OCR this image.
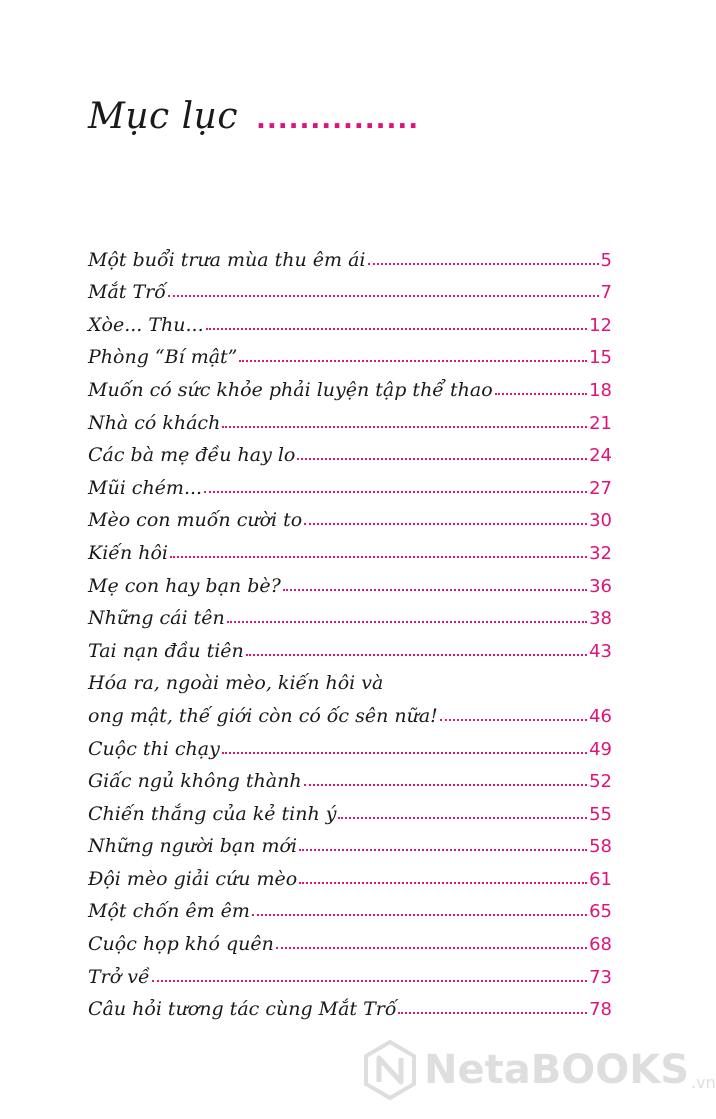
Mục lục ...............
Một buổi trưa mùa thu êm ái	5
Mắt Trố	7
Xòe... Thu...	12
Phòng “Bí mật”	15
Muốn có sức khỏe phải luyện tập thể thao	18
Nhà có khách	21
Các bà mẹ đều hay lo	24
Mũi chém...	27
Mèo con muốn cười to	30
Kiến hôi	32
Mẹ con hay bạn bè?	36
Những cái tên	38
Tai nạn đầu tiên	43
Hóa ra, ngoài mèo, kiến hôi và
ong mật, thế giới còn có ốc sên nữa!	46
Cuộc thi chạy	49
Giấc ngủ không thành	52
Chiến thắng của kẻ tinh ý	55
Những người bạn mới	58
Đội mèo giải cứu mèo	61
Một chốn êm êm	65
Cuộc họp khó quên	68
Trở về	73
Câu hỏi tương tác cùng Mắt Trố	78
NetaBOOKS .vn
